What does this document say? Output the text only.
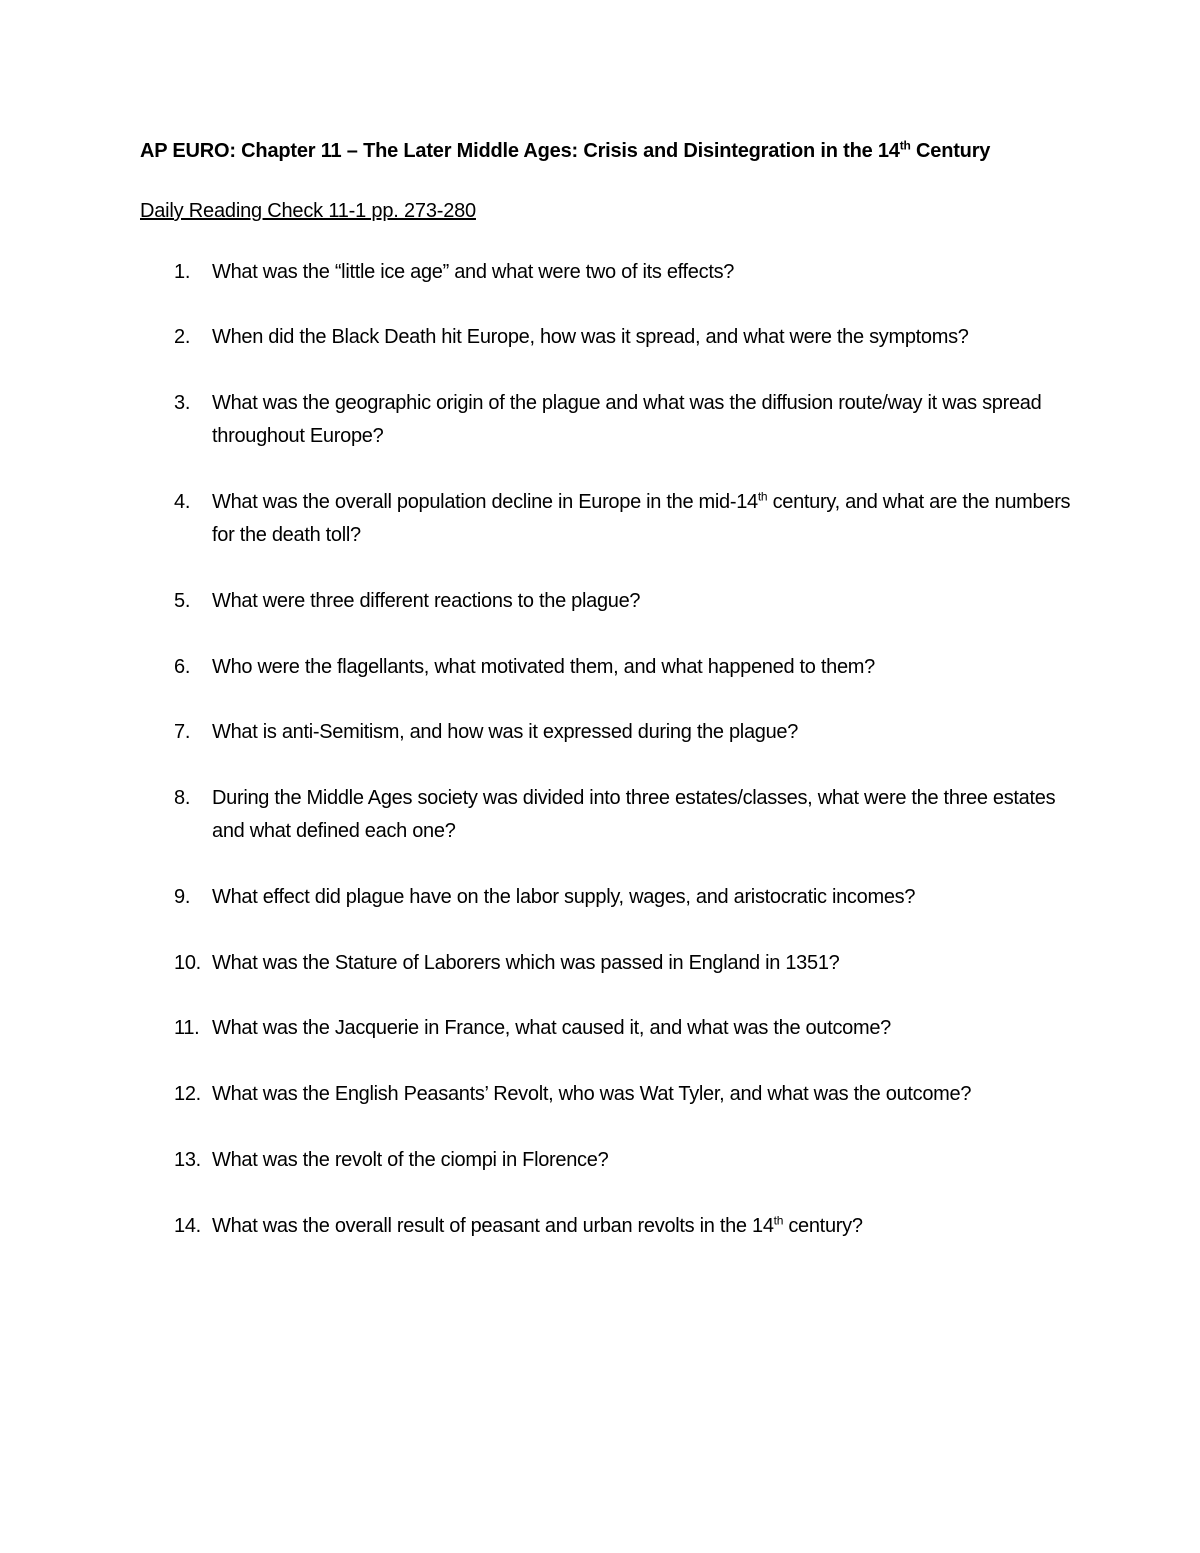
AP EURO: Chapter 11 – The Later Middle Ages: Crisis and Disintegration in the 14th Century
Daily Reading Check 11-1 pp. 273-280
1. What was the “little ice age” and what were two of its effects?
2. When did the Black Death hit Europe, how was it spread, and what were the symptoms?
3. What was the geographic origin of the plague and what was the diffusion route/way it was spread throughout Europe?
4. What was the overall population decline in Europe in the mid-14th century, and what are the numbers for the death toll?
5. What were three different reactions to the plague?
6. Who were the flagellants, what motivated them, and what happened to them?
7. What is anti-Semitism, and how was it expressed during the plague?
8. During the Middle Ages society was divided into three estates/classes, what were the three estates and what defined each one?
9. What effect did plague have on the labor supply, wages, and aristocratic incomes?
10. What was the Stature of Laborers which was passed in England in 1351?
11. What was the Jacquerie in France, what caused it, and what was the outcome?
12. What was the English Peasants’ Revolt, who was Wat Tyler, and what was the outcome?
13. What was the revolt of the ciompi in Florence?
14. What was the overall result of peasant and urban revolts in the 14th century?
